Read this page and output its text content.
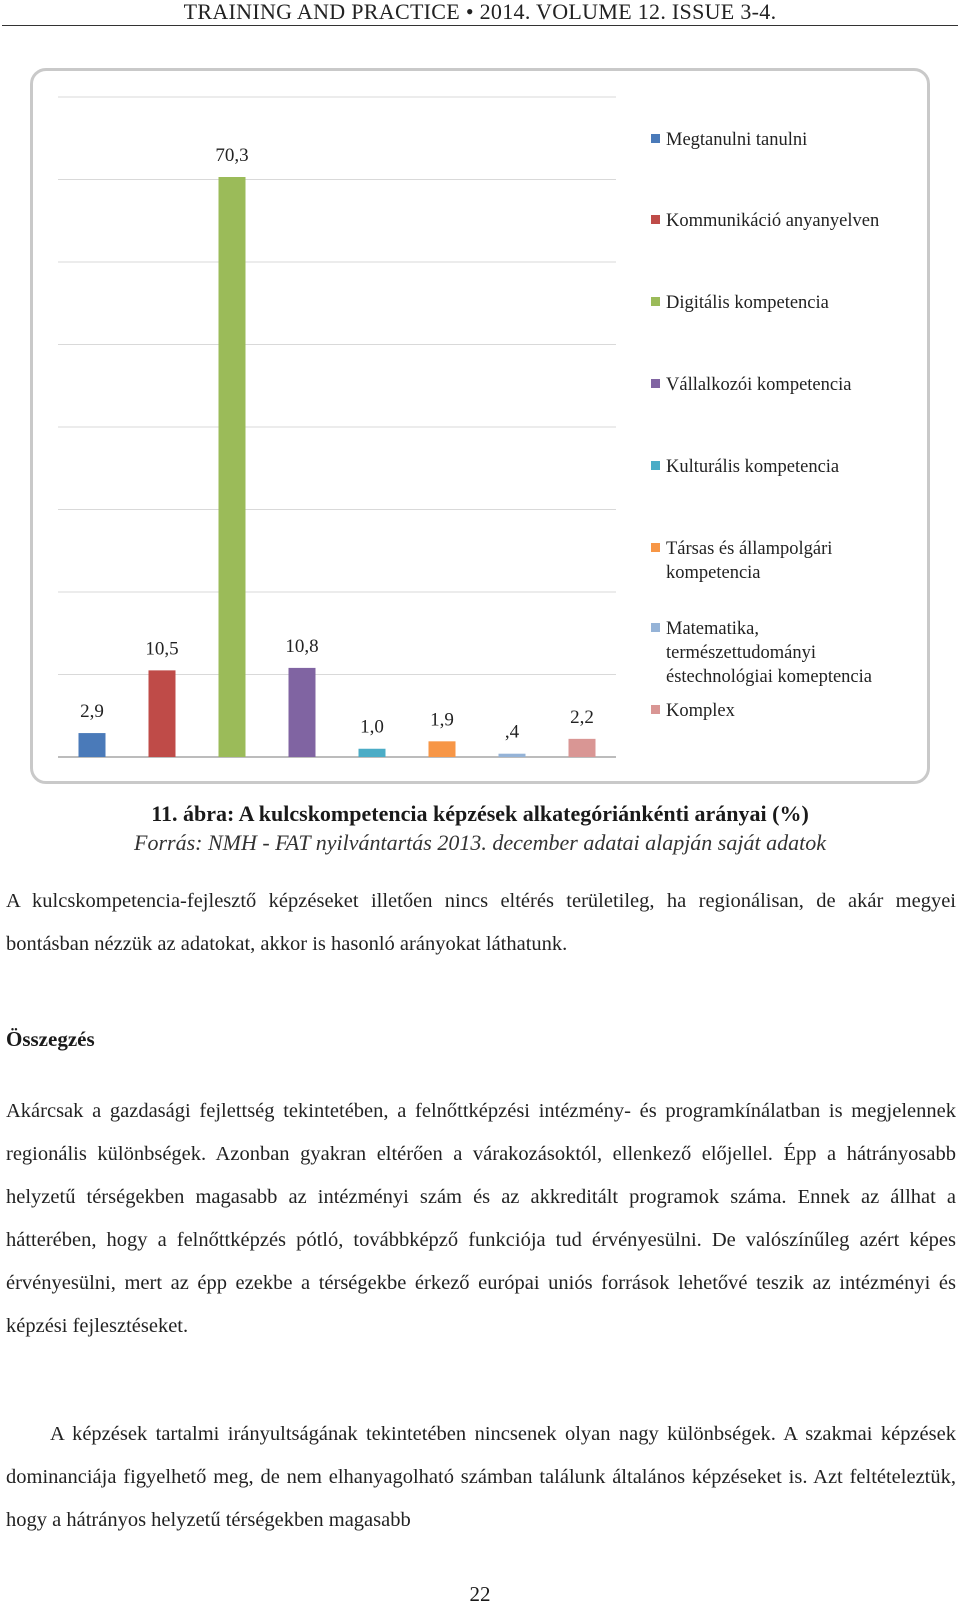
TRAINING AND PRACTICE • 2014. VOLUME 12. ISSUE 3-4.
2,9
10,5
70,3
10,8
1,0 1,9
,4
2,2
Megtanulni tanulni
Kommunikáció anyanyelven
Digitális kompetencia
Vállalkozói kompetencia
Kulturális kompetencia
Társas és állampolgári
kompetencia
Matematika,
természettudományi
éstechnológiai komeptencia
Komplex
11. ábra: A kulcskompetencia képzések alkategóriánkénti arányai (%)
Forrás: NMH - FAT nyilvántartás 2013. december adatai alapján saját adatok

A kulcskompetencia-fejlesztő képzéseket illetően nincs eltérés területileg, ha regionálisan, de akár megyei bontásban nézzük az adatokat, akkor is hasonló arányokat láthatunk.

Összegzés

Akárcsak a gazdasági fejlettség tekintetében, a felnőttképzési intézmény- és programkínálatban is megjelennek regionális különbségek. Azonban gyakran eltérően a várakozásoktól, ellenkező előjellel. Épp a hátrányosabb helyzetű térségekben magasabb az intézményi szám és az akkreditált programok száma. Ennek az állhat a hátterében, hogy a felnőttképzés pótló, továbbképző funkciója tud érvényesülni. De valószínűleg azért képes érvényesülni, mert az épp ezekbe a térségekbe érkező európai uniós források lehetővé teszik az intézményi és képzési fejlesztéseket.

A képzések tartalmi irányultságának tekintetében nincsenek olyan nagy különbségek. A szakmai képzések dominanciája figyelhető meg, de nem elhanyagolható számban találunk általános képzéseket is. Azt feltételeztük, hogy a hátrányos helyzetű térségekben magasabb

22
